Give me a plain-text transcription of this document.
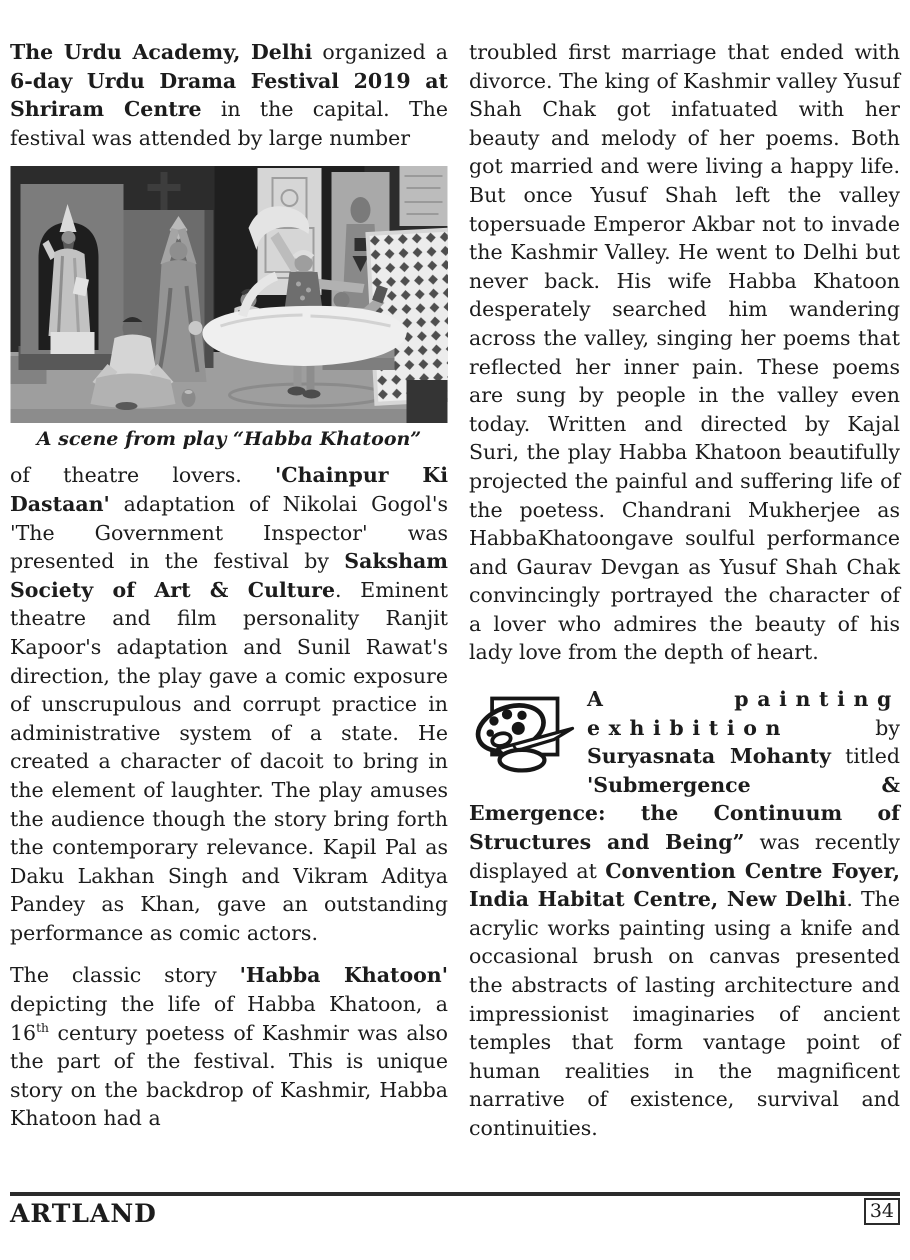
The Urdu Academy, Delhi organized a 6-day Urdu Drama Festival 2019 at Shriram Centre in the capital. The festival was attended by large number

A scene from play “Habba Khatoon”

of theatre lovers. 'Chainpur Ki Dastaan' adaptation of Nikolai Gogol's 'The Government Inspector' was presented in the festival by Saksham Society of Art & Culture. Eminent theatre and film personality Ranjit Kapoor's adaptation and Sunil Rawat's direction, the play gave a comic exposure of unscrupulous and corrupt practice in administrative system of a state. He created a character of dacoit to bring in the element of laughter. The play amuses the audience though the story bring forth the contemporary relevance. Kapil Pal as Daku Lakhan Singh and Vikram Aditya Pandey as Khan, gave an outstanding performance as comic actors.

The classic story 'Habba Khatoon' depicting the life of Habba Khatoon, a 16th century poetess of Kashmir was also the part of the festival. This is unique story on the backdrop of Kashmir, Habba Khatoon had a

troubled first marriage that ended with divorce. The king of Kashmir valley Yusuf Shah Chak got infatuated with her beauty and melody of her poems. Both got married and were living a happy life. But once Yusuf Shah left the valley topersuade Emperor Akbar not to invade the Kashmir Valley. He went to Delhi but never back. His wife Habba Khatoon desperately searched him wandering across the valley, singing her poems that reflected her inner pain. These poems are sung by people in the valley even today. Written and directed by Kajal Suri, the play Habba Khatoon beautifully projected the painful and suffering life of the poetess. Chandrani Mukherjee as HabbaKhatoongave soulful performance and Gaurav Devgan as Yusuf Shah Chak convincingly portrayed the character of a lover who admires the beauty of his lady love from the depth of heart.

A painting exhibition by Suryasnata Mohanty titled 'Submergence & Emergence: the Continuum of Structures and Being” was recently displayed at Convention Centre Foyer, India Habitat Centre, New Delhi. The acrylic works painting using a knife and occasional brush on canvas presented the abstracts of lasting architecture and impressionist imaginaries of ancient temples that form vantage point of human realities in the magnificent narrative of existence, survival and continuities.

ARTLAND	34
